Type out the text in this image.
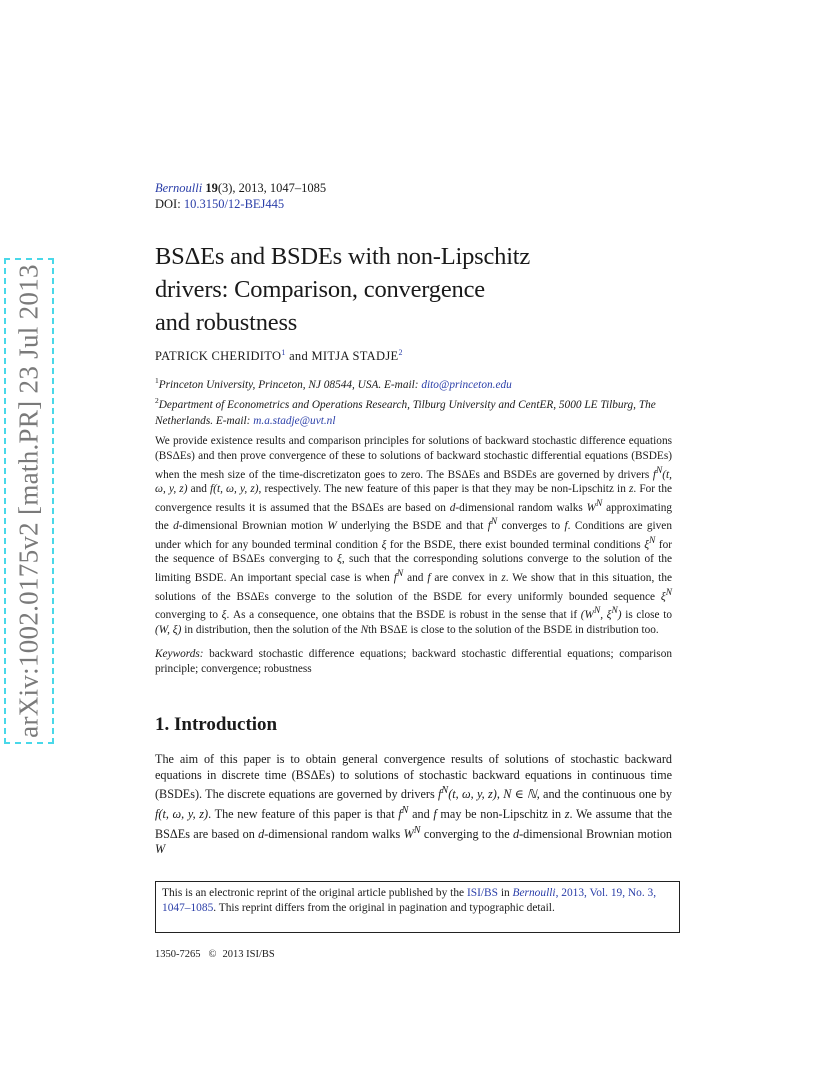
arXiv:1002.0175v2 [math.PR] 23 Jul 2013
Bernoulli 19(3), 2013, 1047–1085
DOI: 10.3150/12-BEJ445
BSΔEs and BSDEs with non-Lipschitz
drivers: Comparison, convergence
and robustness
PATRICK CHERIDITO$^1$ and MITJA STADJE$^2$
$^1$Princeton University, Princeton, NJ 08544, USA. E-mail: dito@princeton.edu
$^2$Department of Econometrics and Operations Research, Tilburg University and CentER, 5000 LE Tilburg, The Netherlands. E-mail: m.a.stadje@uvt.nl

We provide existence results and comparison principles for solutions of backward stochastic difference equations (BSΔEs) and then prove convergence of these to solutions of backward stochastic differential equations (BSDEs) when the mesh size of the time-discretizaton goes to zero. The BSΔEs and BSDEs are governed by drivers $f^N(t$, ω, y, z) and f(t, ω, y, z), respectively. The new feature of this paper is that they may be non-Lipschitz in z. For the convergence results it is assumed that the BSΔEs are based on d-dimensional random walks $W^N$ approximating the d-dimensional Brownian motion W underlying the BSDE and that $f^N$ converges to f. Conditions are given under which for any bounded terminal condition ξ for the BSDE, there exist bounded terminal conditions $\xi^N$ for the sequence of BSΔEs converging to ξ, such that the corresponding solutions converge to the solution of the limiting BSDE. An important special case is when $f^N$ and f are convex in z. We show that in this situation, the solutions of the BSΔEs converge to the solution of the BSDE for every uniformly bounded sequence $\xi^N$ converging to ξ. As a consequence, one obtains that the BSDE is robust in the sense that if ($W^N$, $\xi^N$) is close to (W, ξ) in distribution, then the solution of the Nth BSΔE is close to the solution of the BSDE in distribution too.

Keywords: backward stochastic difference equations; backward stochastic differential equations; comparison principle; convergence; robustness

1. Introduction

The aim of this paper is to obtain general convergence results of solutions of stochastic backward equations in discrete time (BSΔEs) to solutions of stochastic backward equations in continuous time (BSDEs). The discrete equations are governed by drivers $f^N(t$, ω, y, z), N ∈ ℕ, and the continuous one by f(t, ω, y, z). The new feature of this paper is that $f^N$ and f may be non-Lipschitz in z. We assume that the BSΔEs are based on d-dimensional random walks $W^N$ converging to the d-dimensional Brownian motion W

This is an electronic reprint of the original article published by the ISI/BS in Bernoulli, 2013, Vol. 19, No. 3, 1047–1085. This reprint differs from the original in pagination and typographic detail.
1350-7265 © 2013 ISI/BS
